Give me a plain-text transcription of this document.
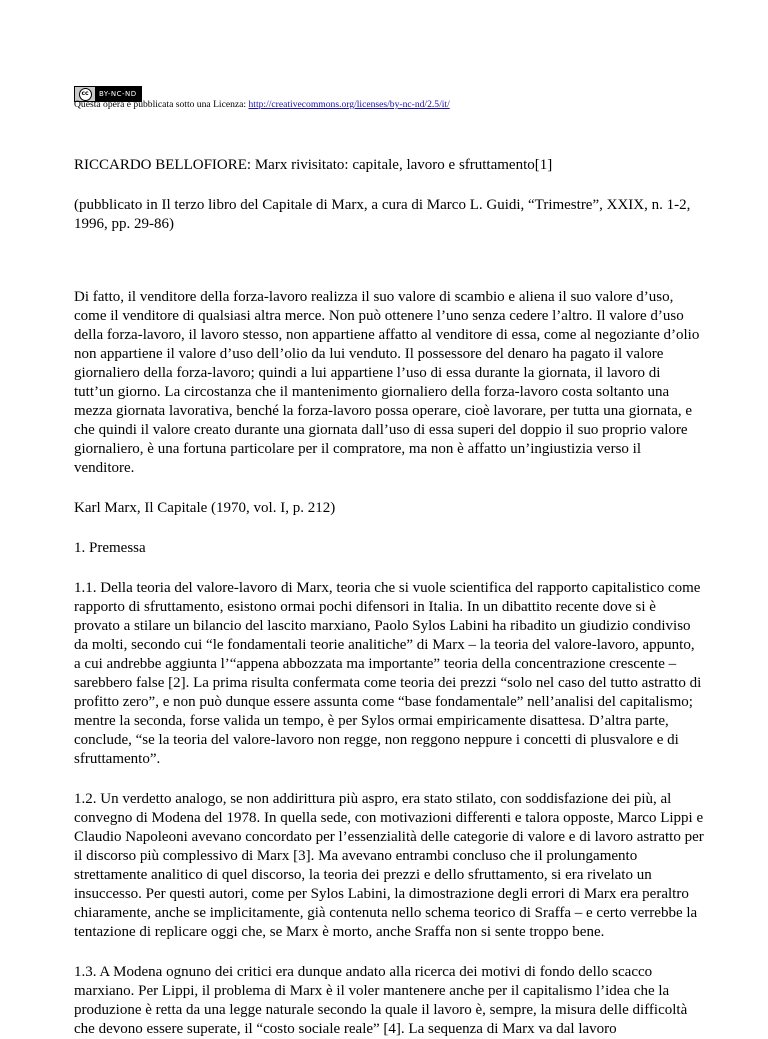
cc	BY-NC-ND
Questa opera è pubblicata sotto una Licenza: http://creativecommons.org/licenses/by-nc-nd/2.5/it/

RICCARDO BELLOFIORE: Marx rivisitato: capitale, lavoro e sfruttamento[1]

(pubblicato in Il terzo libro del Capitale di Marx, a cura di Marco L. Guidi, “Trimestre”, XXIX, n. 1-2, 1996, pp. 29-86)

Di fatto, il venditore della forza-lavoro realizza il suo valore di scambio e aliena il suo valore d’uso, come il venditore di qualsiasi altra merce. Non può ottenere l’uno senza cedere l’altro. Il valore d’uso della forza-lavoro, il lavoro stesso, non appartiene affatto al venditore di essa, come al negoziante d’olio non appartiene il valore d’uso dell’olio da lui venduto. Il possessore del denaro ha pagato il valore giornaliero della forza-lavoro; quindi a lui appartiene l’uso di essa durante la giornata, il lavoro di tutt’un giorno. La circostanza che il mantenimento giornaliero della forza-lavoro costa soltanto una mezza giornata lavorativa, benché la forza-lavoro possa operare, cioè lavorare, per tutta una giornata, e che quindi il valore creato durante una giornata dall’uso di essa superi del doppio il suo proprio valore giornaliero, è una fortuna particolare per il compratore, ma non è affatto un’ingiustizia verso il venditore.

Karl Marx, Il Capitale (1970, vol. I, p. 212)

1. Premessa

1.1. Della teoria del valore-lavoro di Marx, teoria che si vuole scientifica del rapporto capitalistico come rapporto di sfruttamento, esistono ormai pochi difensori in Italia. In un dibattito recente dove si è provato a stilare un bilancio del lascito marxiano, Paolo Sylos Labini ha ribadito un giudizio condiviso da molti, secondo cui “le fondamentali teorie analitiche” di Marx – la teoria del valore-lavoro, appunto, a cui andrebbe aggiunta l’“appena abbozzata ma importante” teoria della concentrazione crescente – sarebbero false [2]. La prima risulta confermata come teoria dei prezzi “solo nel caso del tutto astratto di profitto zero”, e non può dunque essere assunta come “base fondamentale” nell’analisi del capitalismo; mentre la seconda, forse valida un tempo, è per Sylos ormai empiricamente disattesa. D’altra parte, conclude, “se la teoria del valore-lavoro non regge, non reggono neppure i concetti di plusvalore e di sfruttamento”.

1.2. Un verdetto analogo, se non addirittura più aspro, era stato stilato, con soddisfazione dei più, al convegno di Modena del 1978. In quella sede, con motivazioni differenti e talora opposte, Marco Lippi e Claudio Napoleoni avevano concordato per l’essenzialità delle categorie di valore e di lavoro astratto per il discorso più complessivo di Marx [3]. Ma avevano entrambi concluso che il prolungamento strettamente analitico di quel discorso, la teoria dei prezzi e dello sfruttamento, si era rivelato un insuccesso. Per questi autori, come per Sylos Labini, la dimostrazione degli errori di Marx era peraltro chiaramente, anche se implicitamente, già contenuta nello schema teorico di Sraffa – e certo verrebbe la tentazione di replicare oggi che, se Marx è morto, anche Sraffa non si sente troppo bene.

1.3. A Modena ognuno dei critici era dunque andato alla ricerca dei motivi di fondo dello scacco marxiano. Per Lippi, il problema di Marx è il voler mantenere anche per il capitalismo l’idea che la produzione è retta da una legge naturale secondo la quale il lavoro è, sempre, la misura delle difficoltà che devono essere superate, il “costo sociale reale” [4]. La sequenza di Marx va dal lavoro
